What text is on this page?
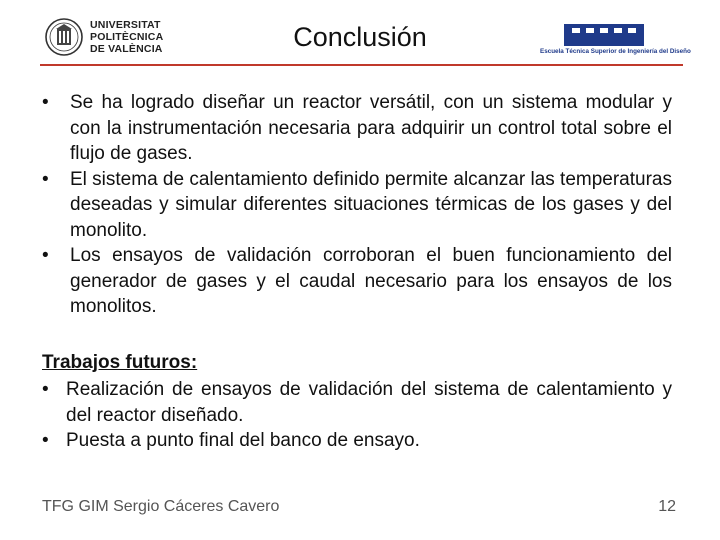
UNIVERSITAT
POLITÈCNICA
DE VALÈNCIA	Conclusión	Escuela Técnica Superior de Ingeniería del Diseño
• Se ha logrado diseñar un reactor versátil, con un sistema modular y con la instrumentación necesaria para adquirir un control total sobre el flujo de gases.
• El sistema de calentamiento definido permite alcanzar las temperaturas deseadas y simular diferentes situaciones térmicas de los gases y del monolito.
• Los ensayos de validación corroboran el buen funcionamiento del generador de gases y el caudal necesario para los ensayos de los monolitos.
Trabajos futuros:
• Realización de ensayos de validación del sistema de calentamiento y del reactor diseñado.
• Puesta a punto final del banco de ensayo.
TFG GIM Sergio Cáceres Cavero	12
